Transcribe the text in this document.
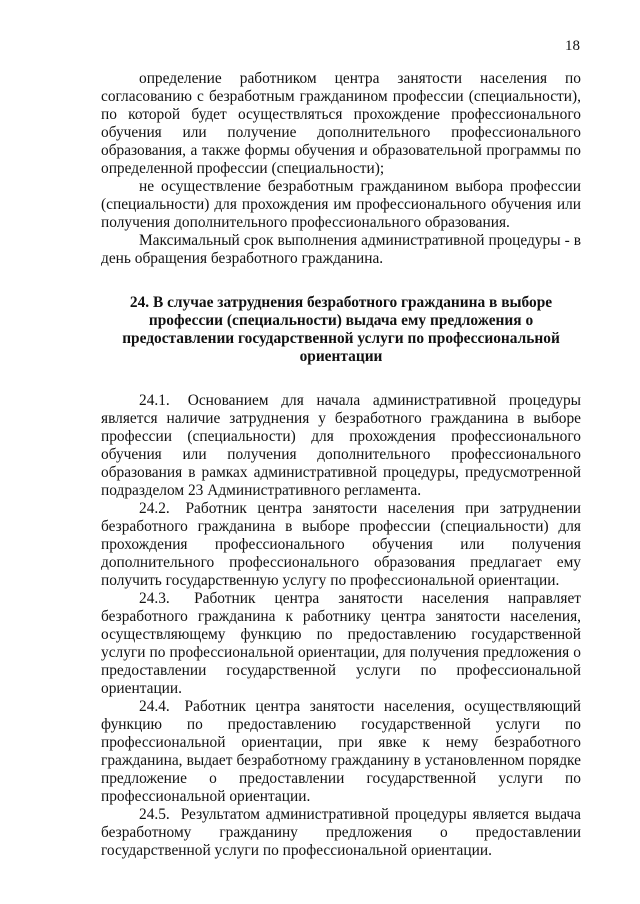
18

определение работником центра занятости населения по согласованию с безработным гражданином профессии (специальности), по которой будет осуществляться прохождение профессионального обучения или получение дополнительного профессионального образования, а также формы обучения и образовательной программы по определенной профессии (специальности);

не осуществление безработным гражданином выбора профессии (специальности) для прохождения им профессионального обучения или получения дополнительного профессионального образования.

Максимальный срок выполнения административной процедуры - в день обращения безработного гражданина.

24. В случае затруднения безработного гражданина в выборе
профессии (специальности) выдача ему предложения о
предоставлении государственной услуги по профессиональной
ориентации

24.1. Основанием для начала административной процедуры является наличие затруднения у безработного гражданина в выборе профессии (специальности) для прохождения профессионального обучения или получения дополнительного профессионального образования в рамках административной процедуры, предусмотренной подразделом 23 Административного регламента.

24.2. Работник центра занятости населения при затруднении безработного гражданина в выборе профессии (специальности) для прохождения профессионального обучения или получения дополнительного профессионального образования предлагает ему получить государственную услугу по профессиональной ориентации.

24.3. Работник центра занятости населения направляет безработного гражданина к работнику центра занятости населения, осуществляющему функцию по предоставлению государственной услуги по профессиональной ориентации, для получения предложения о предоставлении государственной услуги по профессиональной ориентации.

24.4. Работник центра занятости населения, осуществляющий функцию по предоставлению государственной услуги по профессиональной ориентации, при явке к нему безработного гражданина, выдает безработному гражданину в установленном порядке предложение о предоставлении государственной услуги по профессиональной ориентации.

24.5. Результатом административной процедуры является выдача безработному гражданину предложения о предоставлении государственной услуги по профессиональной ориентации.
